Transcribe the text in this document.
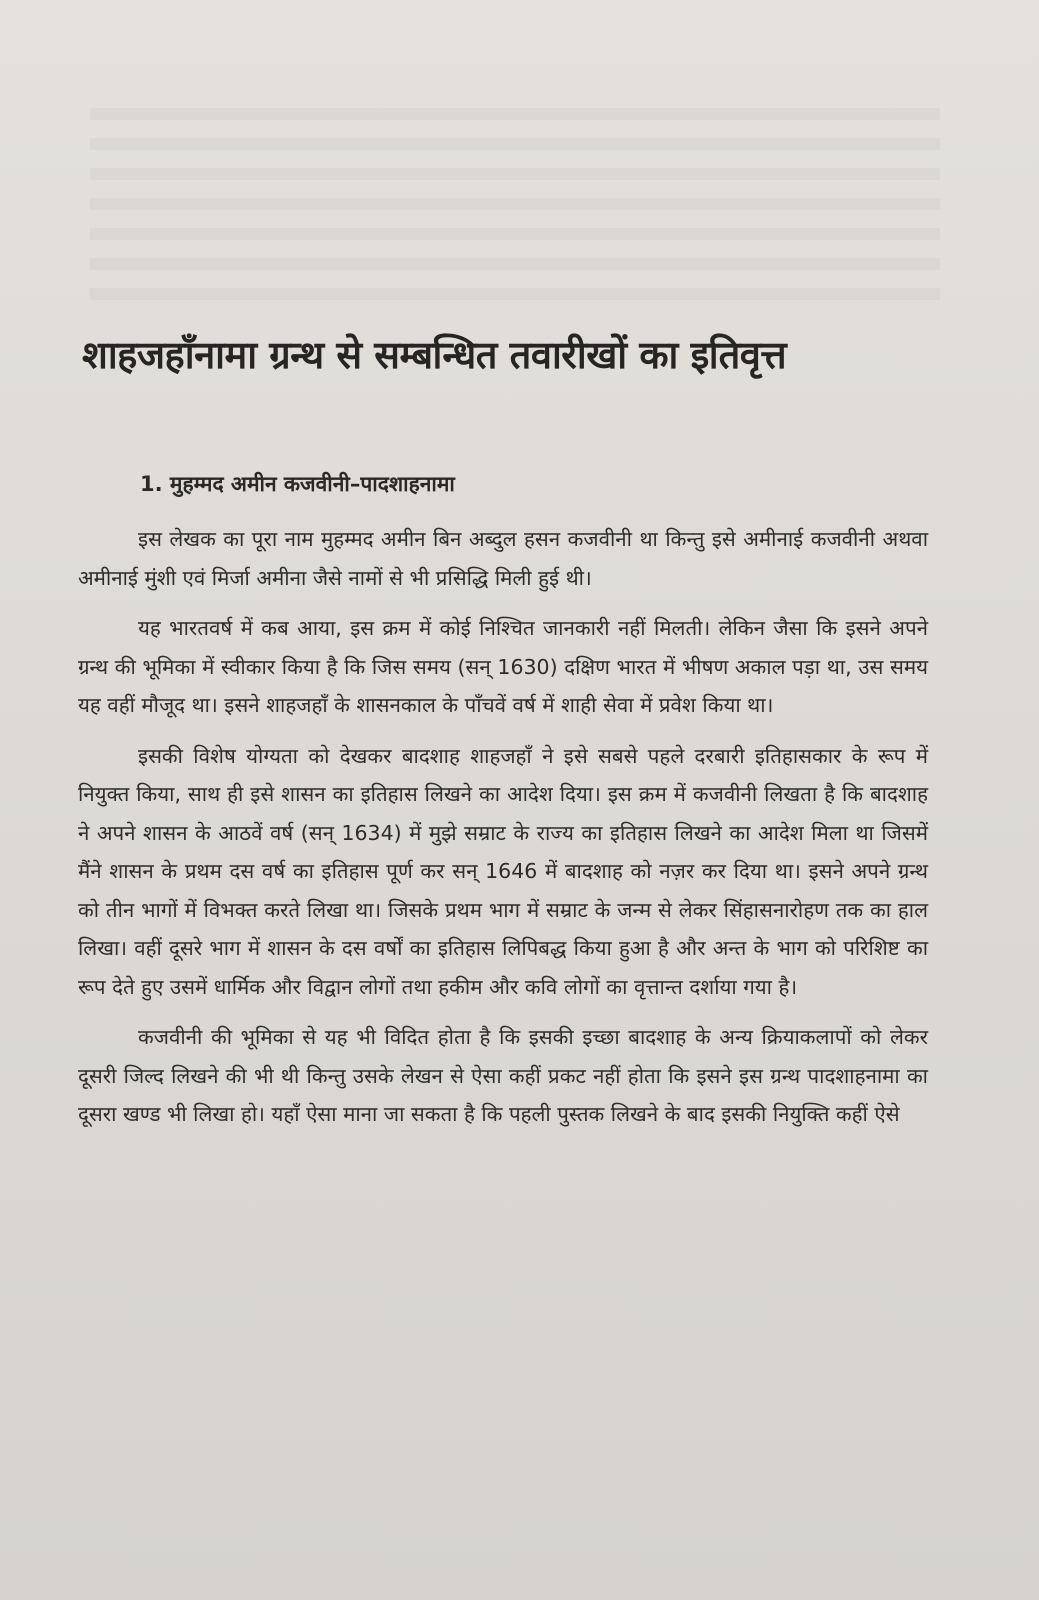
शाहजहाँनामा ग्रन्थ से सम्बन्धित तवारीखों का इतिवृत्त
1. मुहम्मद अमीन कजवीनी–पादशाहनामा

इस लेखक का पूरा नाम मुहम्मद अमीन बिन अब्दुल हसन कजवीनी था किन्तु इसे अमीनाई कजवीनी अथवा अमीनाई मुंशी एवं मिर्जा अमीना जैसे नामों से भी प्रसिद्धि मिली हुई थी।

यह भारतवर्ष में कब आया, इस क्रम में कोई निश्चित जानकारी नहीं मिलती। लेकिन जैसा कि इसने अपने ग्रन्थ की भूमिका में स्वीकार किया है कि जिस समय (सन् 1630) दक्षिण भारत में भीषण अकाल पड़ा था, उस समय यह वहीं मौजूद था। इसने शाहजहाँ के शासनकाल के पाँचवें वर्ष में शाही सेवा में प्रवेश किया था।

इसकी विशेष योग्यता को देखकर बादशाह शाहजहाँ ने इसे सबसे पहले दरबारी इतिहासकार के रूप में नियुक्त किया, साथ ही इसे शासन का इतिहास लिखने का आदेश दिया। इस क्रम में कजवीनी लिखता है कि बादशाह ने अपने शासन के आठवें वर्ष (सन् 1634) में मुझे सम्राट के राज्य का इतिहास लिखने का आदेश मिला था जिसमें मैंने शासन के प्रथम दस वर्ष का इतिहास पूर्ण कर सन् 1646 में बादशाह को नज़र कर दिया था। इसने अपने ग्रन्थ को तीन भागों में विभक्त करते लिखा था। जिसके प्रथम भाग में सम्राट के जन्म से लेकर सिंहासनारोहण तक का हाल लिखा। वहीं दूसरे भाग में शासन के दस वर्षों का इतिहास लिपिबद्ध किया हुआ है और अन्त के भाग को परिशिष्ट का रूप देते हुए उसमें धार्मिक और विद्वान लोगों तथा हकीम और कवि लोगों का वृत्तान्त दर्शाया गया है।

कजवीनी की भूमिका से यह भी विदित होता है कि इसकी इच्छा बादशाह के अन्य क्रियाकलापों को लेकर दूसरी जिल्द लिखने की भी थी किन्तु उसके लेखन से ऐसा कहीं प्रकट नहीं होता कि इसने इस ग्रन्थ पादशाहनामा का दूसरा खण्ड भी लिखा हो। यहाँ ऐसा माना जा सकता है कि पहली पुस्तक लिखने के बाद इसकी नियुक्ति कहीं ऐसे
